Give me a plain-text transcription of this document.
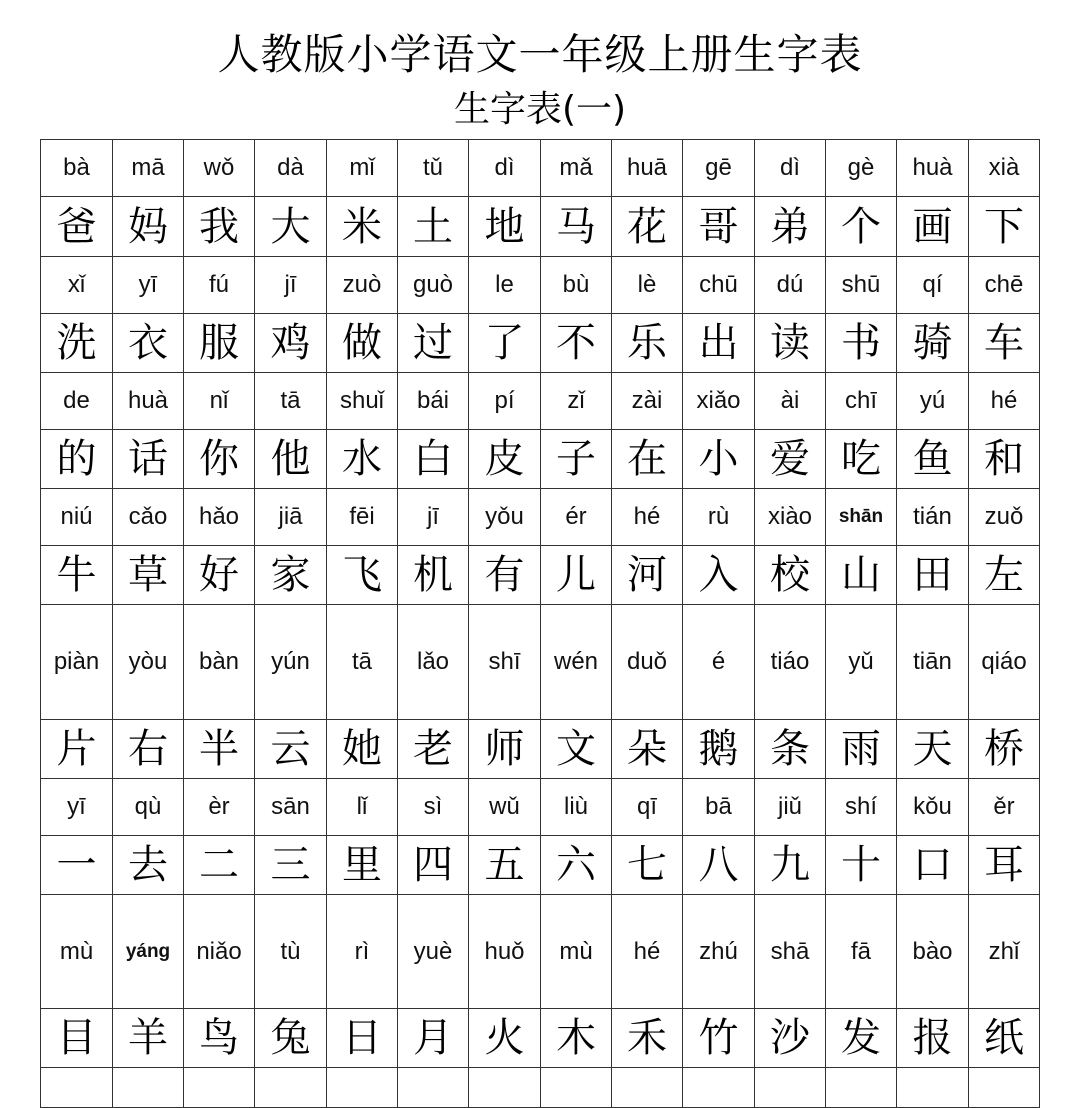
人教版小学语文一年级上册生字表
生字表(一)
bà	mā	wǒ	dà	mǐ	tǔ	dì	mǎ	huā	gē	dì	gè	huà	xià
爸	妈	我	大	米	土	地	马	花	哥	弟	个	画	下
xǐ	yī	fú	jī	zuò	guò	le	bù	lè	chū	dú	shū	qí	chē
洗	衣	服	鸡	做	过	了	不	乐	出	读	书	骑	车
de	huà	nǐ	tā	shuǐ	bái	pí	zǐ	zài	xiǎo	ài	chī	yú	hé
的	话	你	他	水	白	皮	子	在	小	爱	吃	鱼	和
niú	cǎo	hǎo	jiā	fēi	jī	yǒu	ér	hé	rù	xiào	shān	tián	zuǒ
牛	草	好	家	飞	机	有	儿	河	入	校	山	田	左
piàn	yòu	bàn	yún	tā	lǎo	shī	wén	duǒ	é	tiáo	yǔ	tiān	qiáo
片	右	半	云	她	老	师	文	朵	鹅	条	雨	天	桥
yī	qù	èr	sān	lǐ	sì	wǔ	liù	qī	bā	jiǔ	shí	kǒu	ěr
一	去	二	三	里	四	五	六	七	八	九	十	口	耳
mù	yáng	niǎo	tù	rì	yuè	huǒ	mù	hé	zhú	shā	fā	bào	zhǐ
目	羊	鸟	兔	日	月	火	木	禾	竹	沙	发	报	纸
